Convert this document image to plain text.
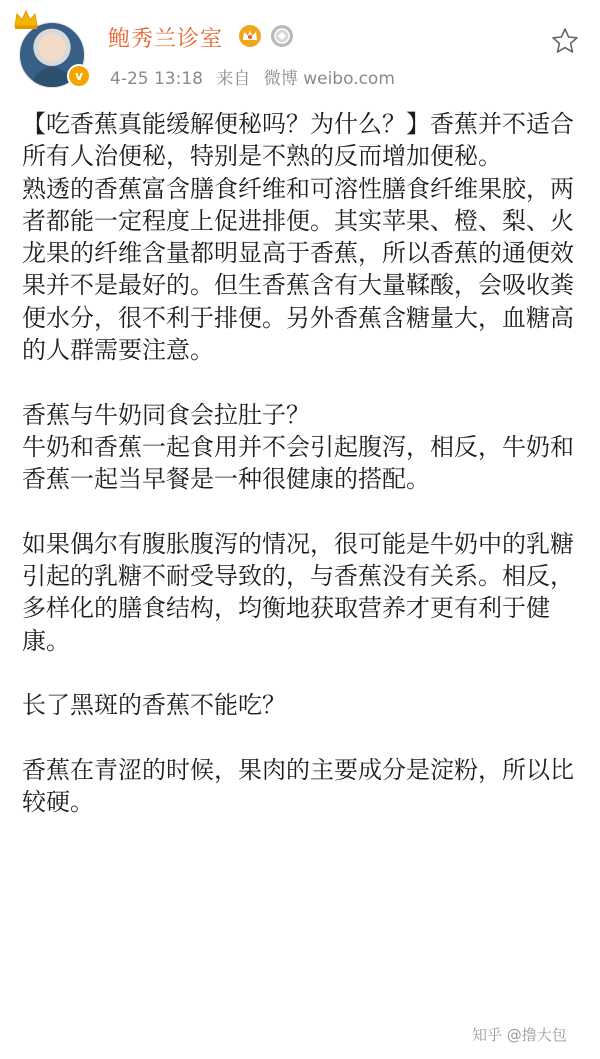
v
鲍秀兰诊室
4-25 13:18 来自 微博 weibo.com

【吃香蕉真能缓解便秘吗？为什么？】香蕉并不适合所有人治便秘，特别是不熟的反而增加便秘。

熟透的香蕉富含膳食纤维和可溶性膳食纤维果胶，两者都能一定程度上促进排便。其实苹果、橙、梨、火龙果的纤维含量都明显高于香蕉，所以香蕉的通便效果并不是最好的。但生香蕉含有大量鞣酸，会吸收粪便水分，很不利于排便。另外香蕉含糖量大，血糖高的人群需要注意。

香蕉与牛奶同食会拉肚子？

牛奶和香蕉一起食用并不会引起腹泻，相反，牛奶和香蕉一起当早餐是一种很健康的搭配。

如果偶尔有腹胀腹泻的情况，很可能是牛奶中的乳糖引起的乳糖不耐受导致的，与香蕉没有关系。相反，多样化的膳食结构，均衡地获取营养才更有利于健康。

长了黑斑的香蕉不能吃？

香蕉在青涩的时候，果肉的主要成分是淀粉，所以比较硬。

知乎 @撸大包
